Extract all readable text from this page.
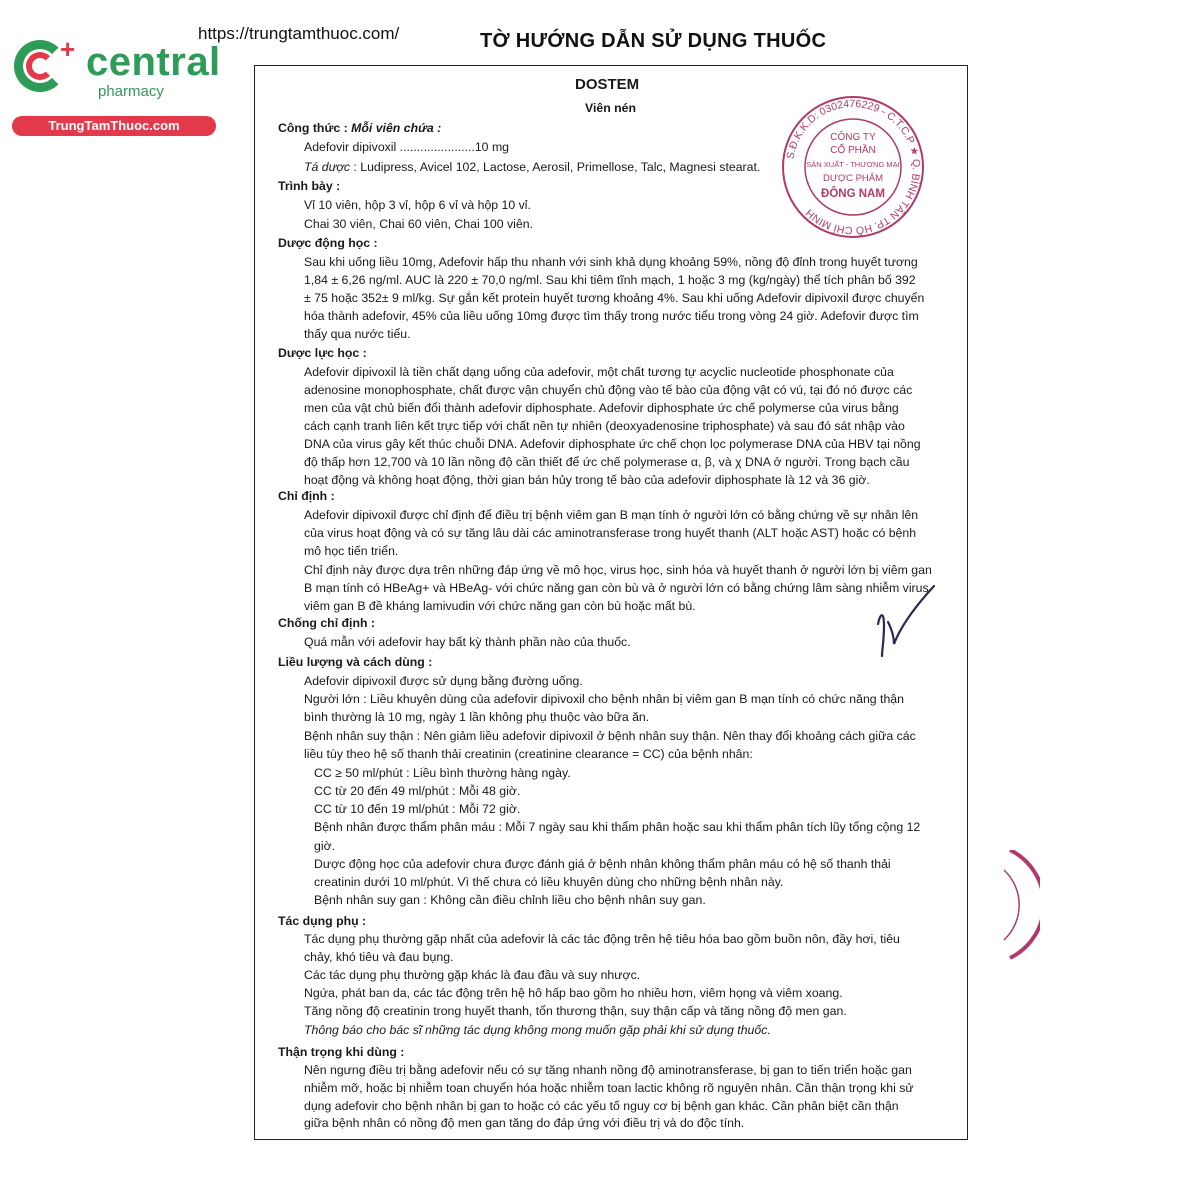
+ central
pharmacy
TrungTamThuoc.com
https://trungtamthuoc.com/	TỜ HƯỚNG DẪN SỬ DỤNG THUỐC
S.Đ.K.K.D: 0302476229 - C.T.C.P ★ Q. BÌNH TÂN TP. HỒ CHÍ MINH
CÔNG TY
CỔ PHẦN
SẢN XUẤT - THƯƠNG MẠI
DƯỢC PHẨM
ĐÔNG NAM
DOSTEM
Viên nén
Công thức : Mỗi viên chứa :
Adefovir dipivoxil ......................10 mg
Tá dược : Ludipress, Avicel 102, Lactose, Aerosil, Primellose, Talc, Magnesi stearat.
Trình bày :
Vỉ 10 viên, hộp 3 vỉ, hộp 6 vỉ và hộp 10 vỉ.
Chai 30 viên, Chai 60 viên, Chai 100 viên.
Dược động học :
Sau khi uống liều 10mg, Adefovir hấp thu nhanh với sinh khả dụng khoảng 59%, nồng độ đỉnh trong huyết tương
1,84 ± 6,26 ng/ml. AUC là 220 ± 70,0 ng/ml. Sau khi tiêm tĩnh mạch, 1 hoặc 3 mg (kg/ngày) thể tích phân bố 392
± 75 hoặc 352± 9 ml/kg. Sự gắn kết protein huyết tương khoảng 4%. Sau khi uống Adefovir dipivoxil được chuyển
hóa thành adefovir, 45% của liều uống 10mg được tìm thấy trong nước tiểu trong vòng 24 giờ. Adefovir được tìm
thấy qua nước tiểu.
Dược lực học :
Adefovir dipivoxil là tiền chất dạng uống của adefovir, một chất tương tự acyclic nucleotide phosphonate của
adenosine monophosphate, chất được vận chuyển chủ động vào tế bào của động vật có vú, tại đó nó được các
men của vật chủ biến đổi thành adefovir diphosphate. Adefovir diphosphate ức chế polymerse của virus bằng
cách cạnh tranh liên kết trực tiếp với chất nền tự nhiên (deoxyadenosine triphosphate) và sau đó sát nhập vào
DNA của virus gây kết thúc chuỗi DNA. Adefovir diphosphate ức chế chọn lọc polymerase DNA của HBV tại nồng
độ thấp hơn 12,700 và 10 lần nồng độ cần thiết để ức chế polymerase α, β, và χ DNA ở người. Trong bạch cầu
hoạt động và không hoạt động, thời gian bán hủy trong tế bào của adefovir diphosphate là 12 và 36 giờ.
Chỉ định :
Adefovir dipivoxil được chỉ định để điều trị bệnh viêm gan B mạn tính ở người lớn có bằng chứng về sự nhân lên
của virus hoạt động và có sự tăng lâu dài các aminotransferase trong huyết thanh (ALT hoặc AST) hoặc có bệnh
mô học tiến triển.
Chỉ định này được dựa trên những đáp ứng về mô học, virus học, sinh hóa và huyết thanh ở người lớn bị viêm gan
B mạn tính có HBeAg+ và HBeAg- với chức năng gan còn bù và ở người lớn có bằng chứng lâm sàng nhiễm virus
viêm gan B đề kháng lamivudin với chức năng gan còn bù hoặc mất bù.
Chống chỉ định :
Quá mẫn với adefovir hay bất kỳ thành phần nào của thuốc.
Liều lượng và cách dùng :
Adefovir dipivoxil được sử dụng bằng đường uống.
Người lớn : Liều khuyên dùng của adefovir dipivoxil cho bệnh nhân bị viêm gan B mạn tính có chức năng thận
bình thường là 10 mg, ngày 1 lần không phụ thuộc vào bữa ăn.
Bệnh nhân suy thận : Nên giảm liều adefovir dipivoxil ở bệnh nhân suy thận. Nên thay đổi khoảng cách giữa các
liều tùy theo hệ số thanh thải creatinin (creatinine clearance = CC) của bệnh nhân:
CC ≥ 50 ml/phút : Liều bình thường hàng ngày.
CC từ 20 đến 49 ml/phút : Mỗi 48 giờ.
CC từ 10 đến 19 ml/phút : Mỗi 72 giờ.
Bệnh nhân được thẩm phân máu : Mỗi 7 ngày sau khi thẩm phân hoặc sau khi thẩm phân tích lũy tổng cộng 12
giờ.
Dược động học của adefovir chưa được đánh giá ở bệnh nhân không thẩm phân máu có hệ số thanh thải
creatinin dưới 10 ml/phút. Vì thế chưa có liều khuyên dùng cho những bệnh nhân này.
Bệnh nhân suy gan : Không cần điều chỉnh liều cho bệnh nhân suy gan.
Tác dụng phụ :
Tác dụng phụ thường gặp nhất của adefovir là các tác động trên hệ tiêu hóa bao gồm buồn nôn, đầy hơi, tiêu
chảy, khó tiêu và đau bụng.
Các tác dụng phụ thường gặp khác là đau đầu và suy nhược.
Ngứa, phát ban da, các tác động trên hệ hô hấp bao gồm ho nhiều hơn, viêm họng và viêm xoang.
Tăng nồng độ creatinin trong huyết thanh, tổn thương thận, suy thận cấp và tăng nồng độ men gan.
Thông báo cho bác sĩ những tác dụng không mong muốn gặp phải khi sử dụng thuốc.
Thận trọng khi dùng :
Nên ngưng điều trị bằng adefovir nếu có sự tăng nhanh nồng độ aminotransferase, bị gan to tiến triển hoặc gan
nhiễm mỡ, hoặc bị nhiễm toan chuyển hóa hoặc nhiễm toan lactic không rõ nguyên nhân. Cần thận trọng khi sử
dụng adefovir cho bệnh nhân bị gan to hoặc có các yếu tố nguy cơ bị bệnh gan khác. Cần phân biệt cần thận
giữa bệnh nhân có nồng độ men gan tăng do đáp ứng với điều trị và do độc tính.
